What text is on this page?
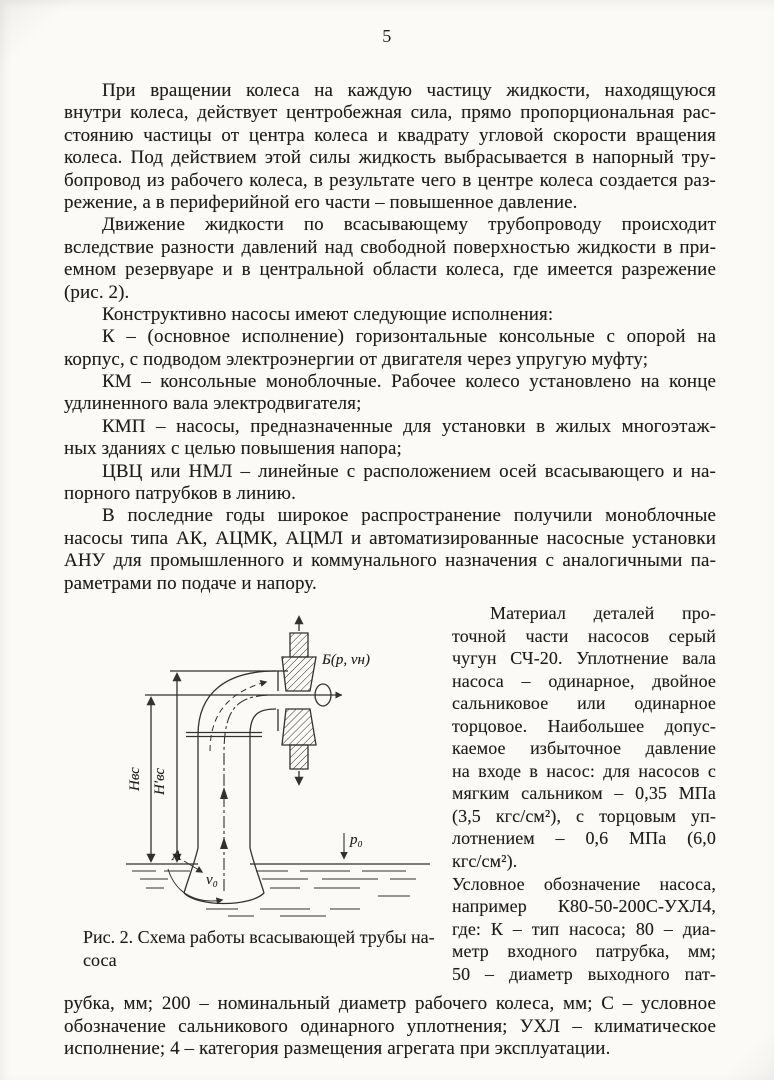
5
При вращении колеса на каждую частицу жидкости, находящуюся
внутри колеса, действует центробежная сила, прямо пропорциональная рас-
стоянию частицы от центра колеса и квадрату угловой скорости вращения
колеса. Под действием этой силы жидкость выбрасывается в напорный тру-
бопровод из рабочего колеса, в результате чего в центре колеса создается раз-
режение, а в периферийной его части – повышенное давление.
Движение жидкости по всасывающему трубопроводу происходит
вследствие разности давлений над свободной поверхностью жидкости в при-
емном резервуаре и в центральной области колеса, где имеется разрежение
(рис. 2).
Конструктивно насосы имеют следующие исполнения:
К – (основное исполнение) горизонтальные консольные с опорой на
корпус, с подводом электроэнергии от двигателя через упругую муфту;
КМ – консольные моноблочные. Рабочее колесо установлено на конце
удлиненного вала электродвигателя;
КМП – насосы, предназначенные для установки в жилых многоэтаж-
ных зданиях с целью повышения напора;
ЦВЦ или НМЛ – линейные с расположением осей всасывающего и на-
порного патрубков в линию.
В последние годы широкое распространение получили моноблочные
насосы типа АК, АЦМК, АЦМЛ и автоматизированные насосные установки
АНУ для промышленного и коммунального назначения с аналогичными па-
раметрами по подаче и напору.
Б(p, vн)
Нвс Н′вс
А
v₀
p₀
Рис. 2. Схема работы всасывающей трубы на-
соса
Материал деталей про-
точной части насосов серый
чугун СЧ-20. Уплотнение вала
насоса – одинарное, двойное
сальниковое или одинарное
торцовое. Наибольшее допус-
каемое избыточное давление
на входе в насос: для насосов с
мягким сальником – 0,35 МПа
(3,5 кгс/см²), с торцовым уп-
лотнением – 0,6 МПа (6,0
кгс/см²).
Условное обозначение насоса,
например К80-50-200С-УХЛ4,
где: К – тип насоса; 80 – диа-
метр входного патрубка, мм;
50 – диаметр выходного пат-
рубка, мм; 200 – номинальный диаметр рабочего колеса, мм; С – условное
обозначение сальникового одинарного уплотнения; УХЛ – климатическое
исполнение; 4 – категория размещения агрегата при эксплуатации.
